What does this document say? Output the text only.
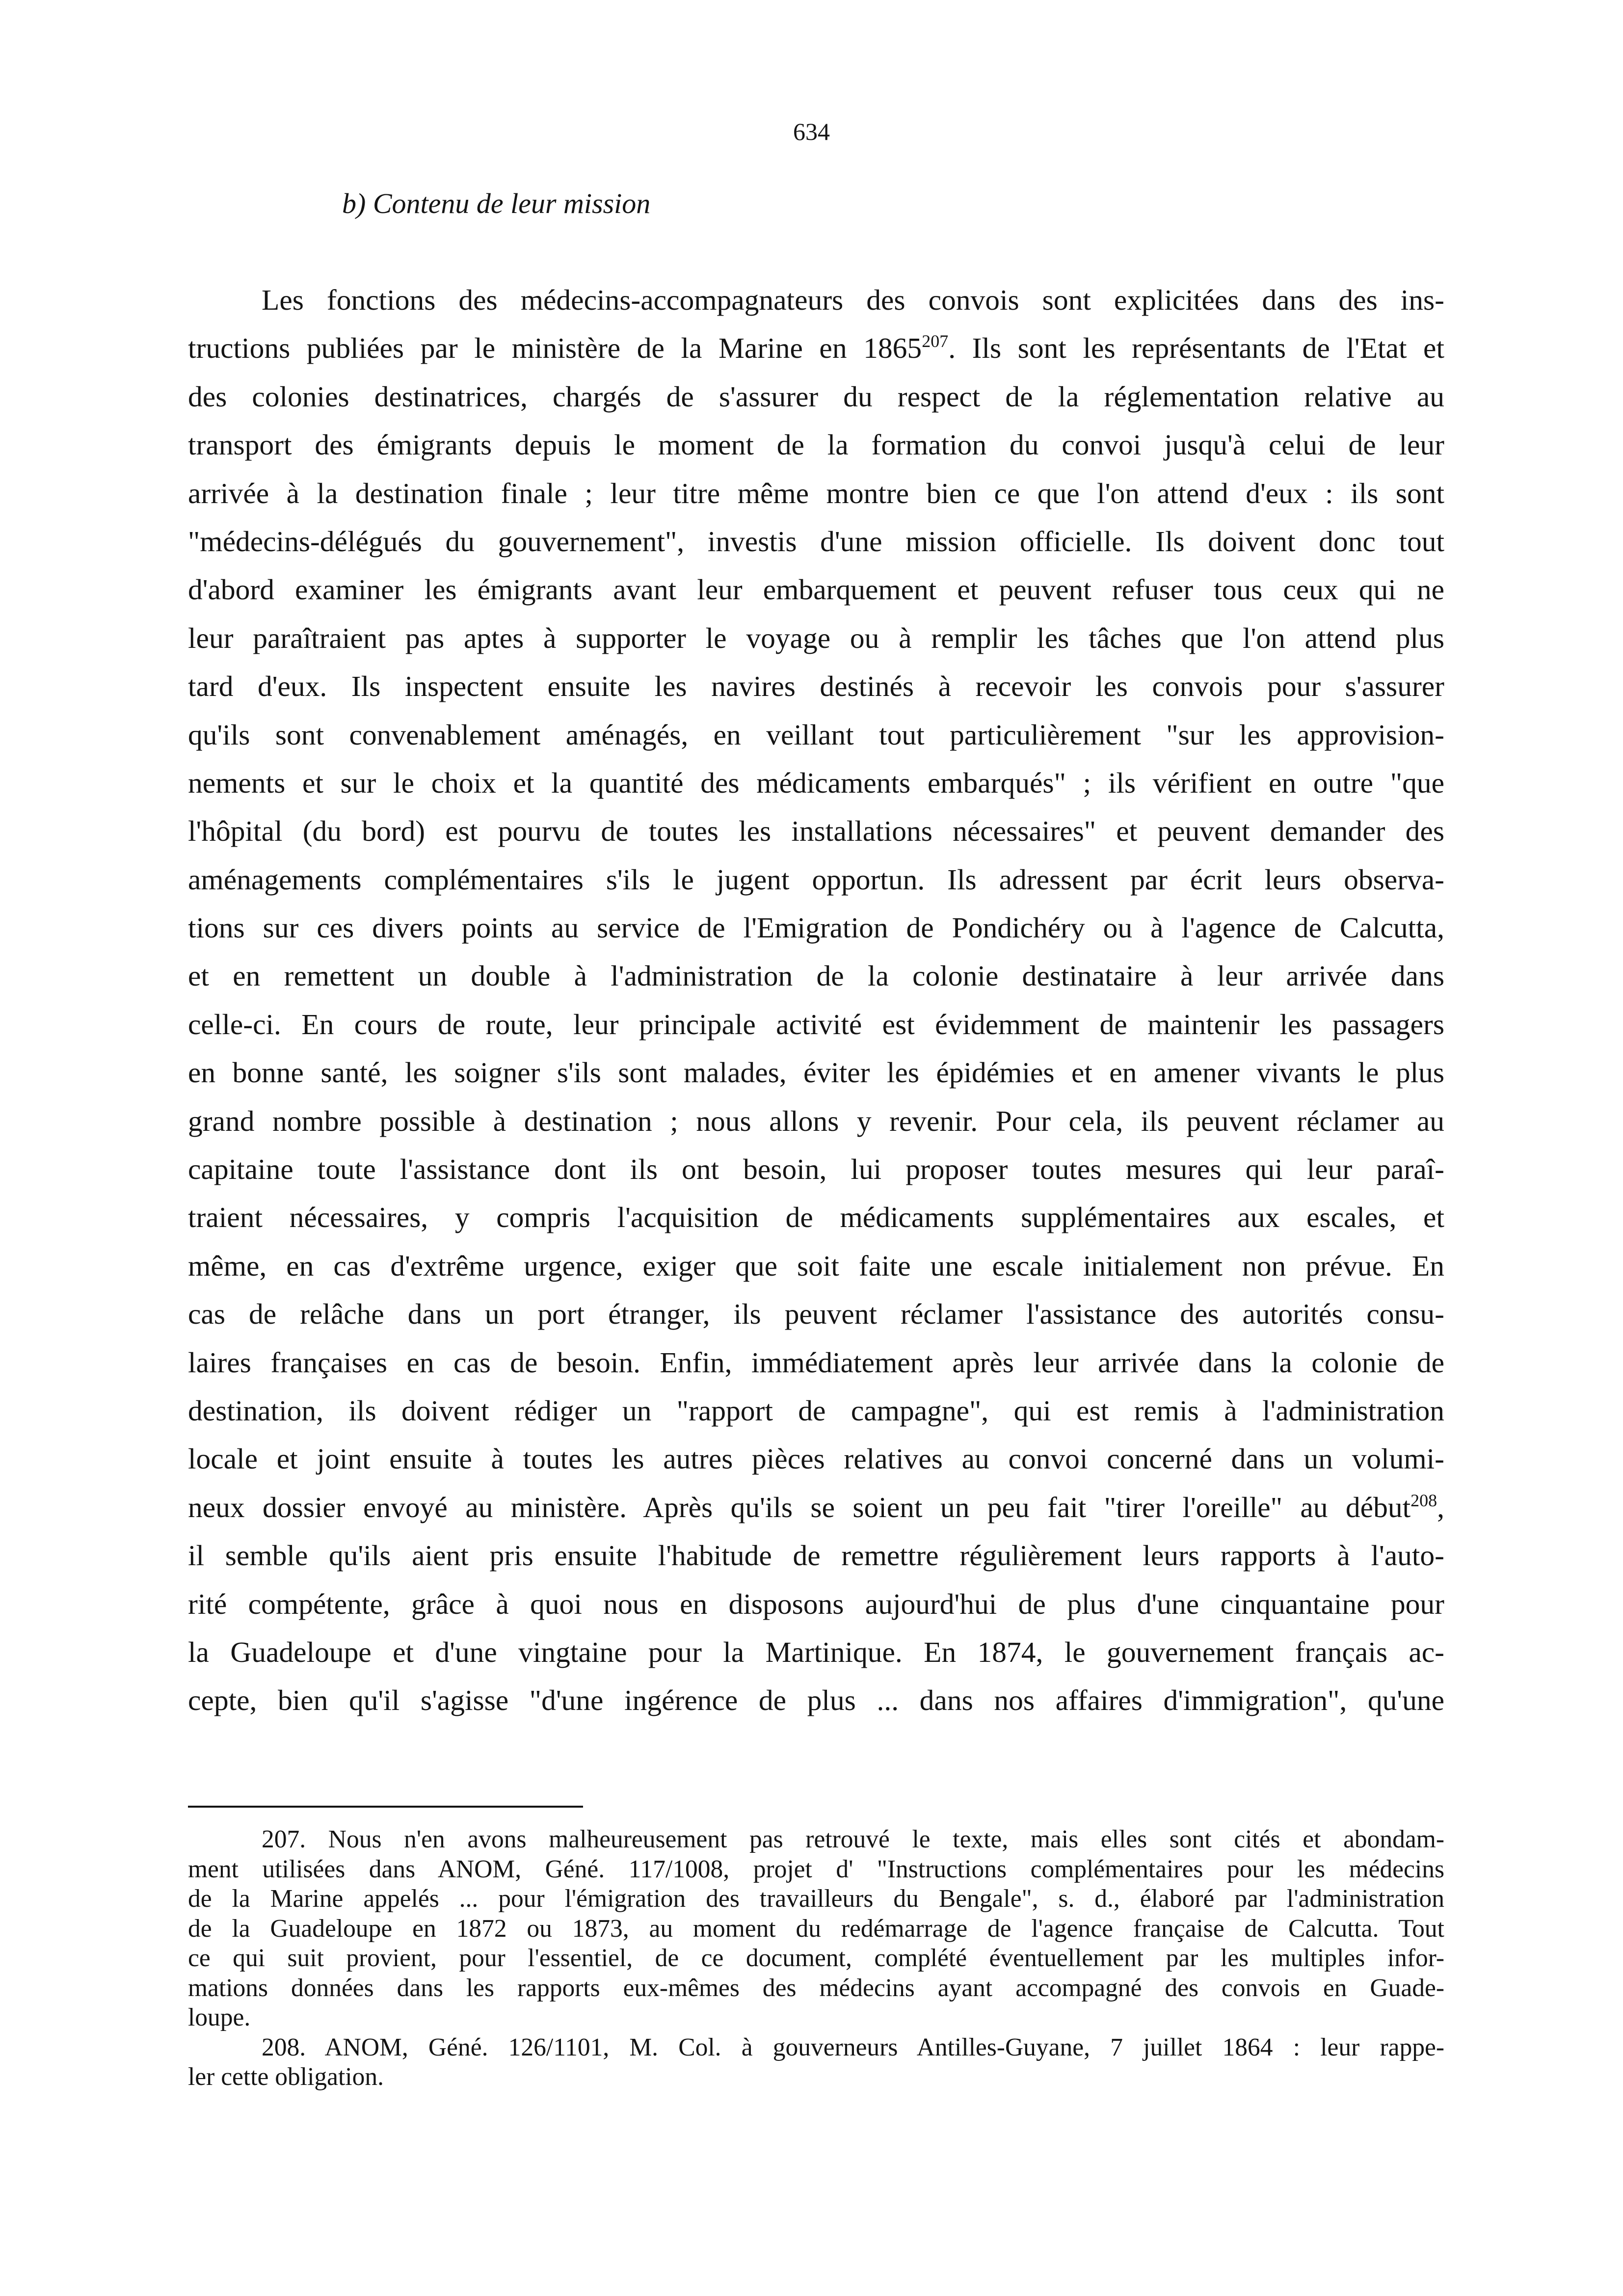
634
b) Contenu de leur mission
Les fonctions des médecins-accompagnateurs des convois sont explicitées dans des ins-
tructions publiées par le ministère de la Marine en 1865$^{207}$. Ils sont les représentants de l'Etat et
des colonies destinatrices, chargés de s'assurer du respect de la réglementation relative au
transport des émigrants depuis le moment de la formation du convoi jusqu'à celui de leur
arrivée à la destination finale ; leur titre même montre bien ce que l'on attend d'eux : ils sont
"médecins-délégués du gouvernement", investis d'une mission officielle. Ils doivent donc tout
d'abord examiner les émigrants avant leur embarquement et peuvent refuser tous ceux qui ne
leur paraîtraient pas aptes à supporter le voyage ou à remplir les tâches que l'on attend plus
tard d'eux. Ils inspectent ensuite les navires destinés à recevoir les convois pour s'assurer
qu'ils sont convenablement aménagés, en veillant tout particulièrement "sur les approvision-
nements et sur le choix et la quantité des médicaments embarqués" ; ils vérifient en outre "que
l'hôpital (du bord) est pourvu de toutes les installations nécessaires" et peuvent demander des
aménagements complémentaires s'ils le jugent opportun. Ils adressent par écrit leurs observa-
tions sur ces divers points au service de l'Emigration de Pondichéry ou à l'agence de Calcutta,
et en remettent un double à l'administration de la colonie destinataire à leur arrivée dans
celle-ci. En cours de route, leur principale activité est évidemment de maintenir les passagers
en bonne santé, les soigner s'ils sont malades, éviter les épidémies et en amener vivants le plus
grand nombre possible à destination ; nous allons y revenir. Pour cela, ils peuvent réclamer au
capitaine toute l'assistance dont ils ont besoin, lui proposer toutes mesures qui leur paraî-
traient nécessaires, y compris l'acquisition de médicaments supplémentaires aux escales, et
même, en cas d'extrême urgence, exiger que soit faite une escale initialement non prévue. En
cas de relâche dans un port étranger, ils peuvent réclamer l'assistance des autorités consu-
laires françaises en cas de besoin. Enfin, immédiatement après leur arrivée dans la colonie de
destination, ils doivent rédiger un "rapport de campagne", qui est remis à l'administration
locale et joint ensuite à toutes les autres pièces relatives au convoi concerné dans un volumi-
neux dossier envoyé au ministère. Après qu'ils se soient un peu fait "tirer l'oreille" au début$^{208}$,
il semble qu'ils aient pris ensuite l'habitude de remettre régulièrement leurs rapports à l'auto-
rité compétente, grâce à quoi nous en disposons aujourd'hui de plus d'une cinquantaine pour
la Guadeloupe et d'une vingtaine pour la Martinique. En 1874, le gouvernement français ac-
cepte, bien qu'il s'agisse "d'une ingérence de plus ... dans nos affaires d'immigration", qu'une
207. Nous n'en avons malheureusement pas retrouvé le texte, mais elles sont cités et abondam-
ment utilisées dans ANOM, Géné. 117/1008, projet d' "Instructions complémentaires pour les médecins
de la Marine appelés ... pour l'émigration des travailleurs du Bengale", s. d., élaboré par l'administration
de la Guadeloupe en 1872 ou 1873, au moment du redémarrage de l'agence française de Calcutta. Tout
ce qui suit provient, pour l'essentiel, de ce document, complété éventuellement par les multiples infor-
mations données dans les rapports eux-mêmes des médecins ayant accompagné des convois en Guade-
loupe.
208. ANOM, Géné. 126/1101, M. Col. à gouverneurs Antilles-Guyane, 7 juillet 1864 : leur rappe-
ler cette obligation.
